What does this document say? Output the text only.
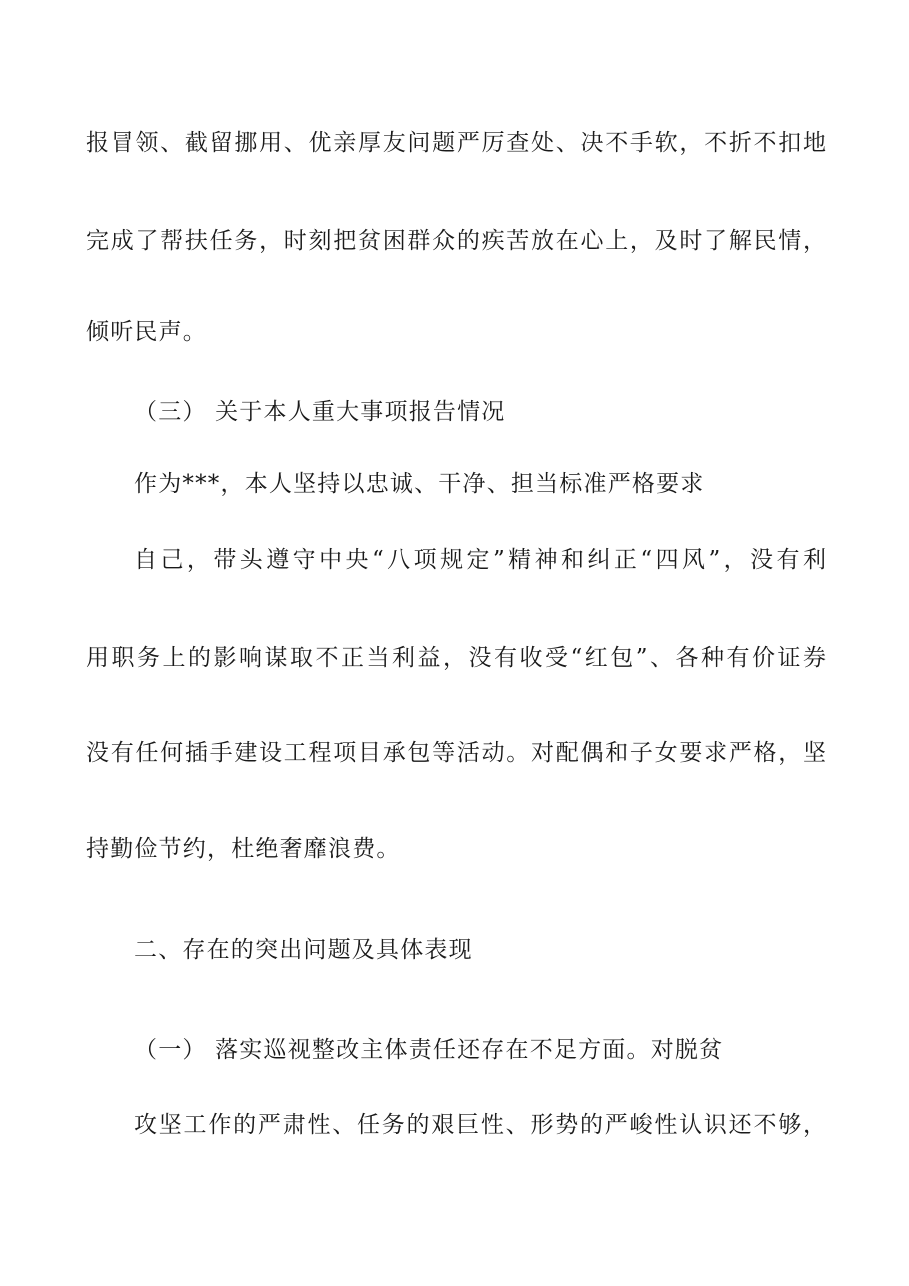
报冒领、截留挪用、优亲厚友问题严厉查处、决不手软，不折不扣地
完成了帮扶任务，时刻把贫困群众的疾苦放在心上，及时了解民情，
倾听民声。
（三） 关于本人重大事项报告情况
作为***，本人坚持以忠诚、干净、担当标准严格要求
自己，带头遵守中央“八项规定”精神和纠正“四风”，没有利
用职务上的影响谋取不正当利益，没有收受“红包”、各种有价证券
没有任何插手建设工程项目承包等活动。对配偶和子女要求严格，坚
持勤俭节约，杜绝奢靡浪费。
二、存在的突出问题及具体表现
（一） 落实巡视整改主体责任还存在不足方面。对脱贫
攻坚工作的严肃性、任务的艰巨性、形势的严峻性认识还不够，
